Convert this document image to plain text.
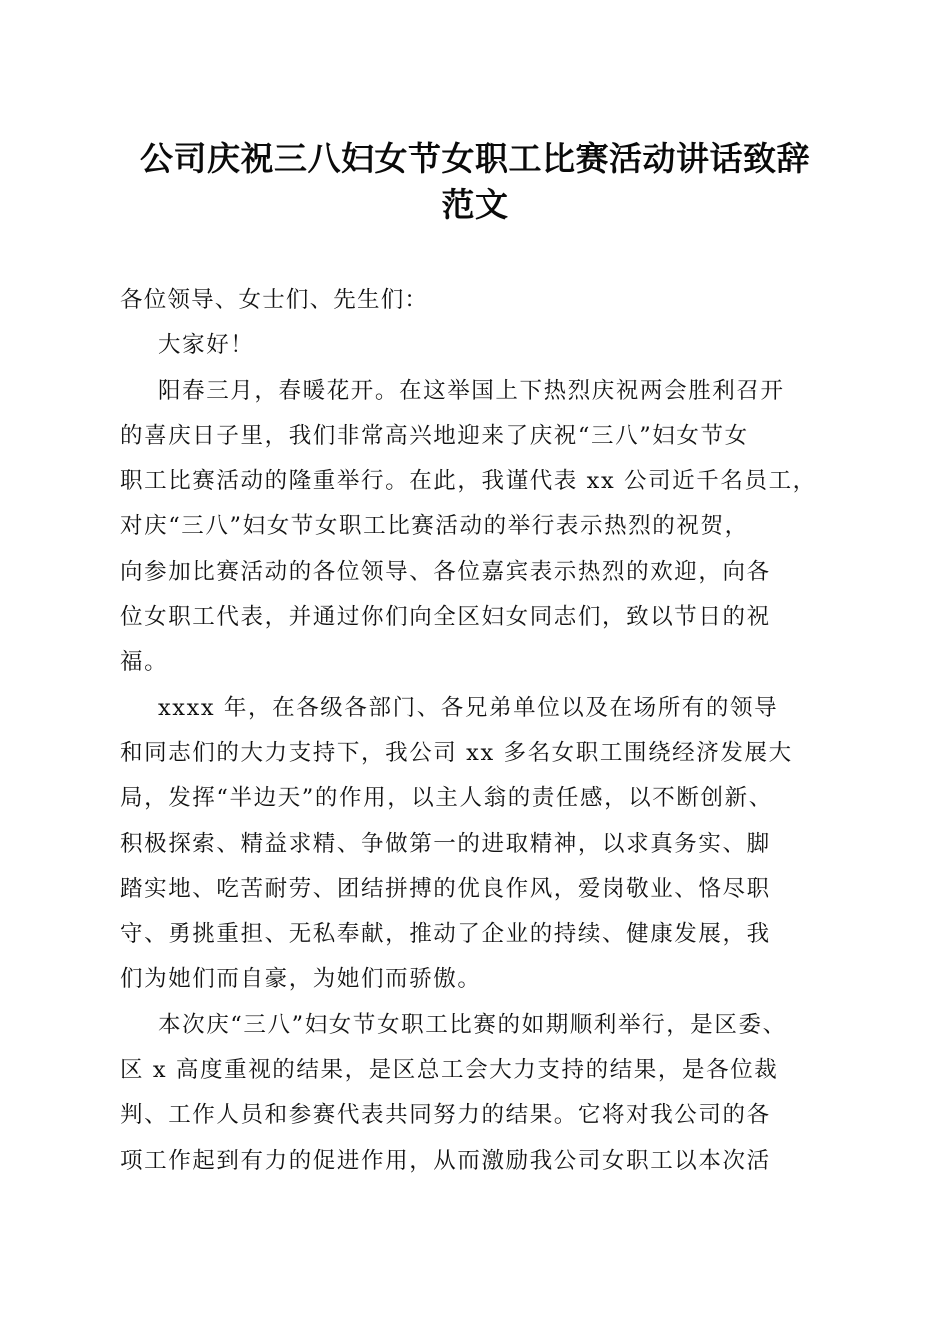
公司庆祝三八妇女节女职工比赛活动讲话致辞
范文
各位领导、女士们、先生们：
大家好！
阳春三月，春暖花开。在这举国上下热烈庆祝两会胜利召开
的喜庆日子里，我们非常高兴地迎来了庆祝“三八”妇女节女
职工比赛活动的隆重举行。在此，我谨代表 xx 公司近千名员工，
对庆“三八”妇女节女职工比赛活动的举行表示热烈的祝贺，
向参加比赛活动的各位领导、各位嘉宾表示热烈的欢迎，向各
位女职工代表，并通过你们向全区妇女同志们，致以节日的祝
福。
xxxx 年，在各级各部门、各兄弟单位以及在场所有的领导
和同志们的大力支持下，我公司 xx 多名女职工围绕经济发展大
局，发挥“半边天”的作用，以主人翁的责任感，以不断创新、
积极探索、精益求精、争做第一的进取精神，以求真务实、脚
踏实地、吃苦耐劳、团结拼搏的优良作风，爱岗敬业、恪尽职
守、勇挑重担、无私奉献，推动了企业的持续、健康发展，我
们为她们而自豪，为她们而骄傲。
本次庆“三八”妇女节女职工比赛的如期顺利举行，是区委、
区 x 高度重视的结果，是区总工会大力支持的结果，是各位裁
判、工作人员和参赛代表共同努力的结果。它将对我公司的各
项工作起到有力的促进作用，从而激励我公司女职工以本次活
